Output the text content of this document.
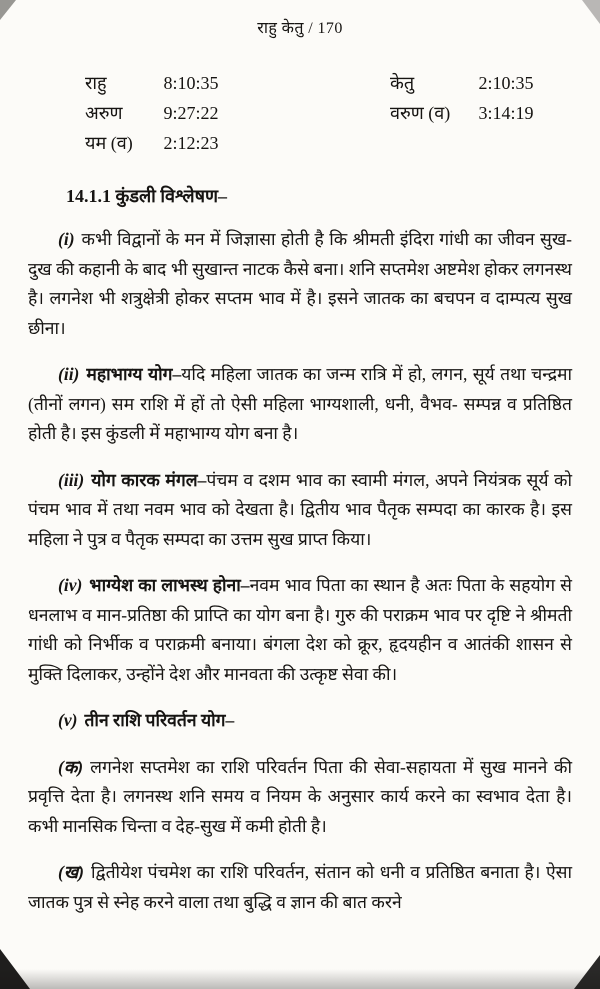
राहु केतु / 170
राहु	8:10:35
अरुण 9:27:22
यम (व) 2:12:23
केतु	2:10:35
वरुण (व) 3:14:19
14.1.1 कुंडली विश्लेषण–

(i) कभी विद्वानों के मन में जिज्ञासा होती है कि श्रीमती इंदिरा गांधी का जीवन सुख-दुख की कहानी के बाद भी सुखान्त नाटक कैसे बना। शनि सप्तमेश अष्टमेश होकर लगनस्थ है। लगनेश भी शत्रुक्षेत्री होकर सप्तम भाव में है। इसने जातक का बचपन व दाम्पत्य सुख छीना।

(ii) महाभाग्य योग–यदि महिला जातक का जन्म रात्रि में हो, लगन, सूर्य तथा चन्द्रमा (तीनों लगन) सम राशि में हों तो ऐसी महिला भाग्यशाली, धनी, वैभव- सम्पन्न व प्रतिष्ठित होती है। इस कुंडली में महाभाग्य योग बना है।

(iii) योग कारक मंगल–पंचम व दशम भाव का स्वामी मंगल, अपने नियंत्रक सूर्य को पंचम भाव में तथा नवम भाव को देखता है। द्वितीय भाव पैतृक सम्पदा का कारक है। इस महिला ने पुत्र व पैतृक सम्पदा का उत्तम सुख प्राप्त किया।

(iv) भाग्येश का लाभस्थ होना–नवम भाव पिता का स्थान है अतः पिता के सहयोग से धनलाभ व मान-प्रतिष्ठा की प्राप्ति का योग बना है। गुरु की पराक्रम भाव पर दृष्टि ने श्रीमती गांधी को निर्भीक व पराक्रमी बनाया। बंगला देश को क्रूर, हृदयहीन व आतंकी शासन से मुक्ति दिलाकर, उन्होंने देश और मानवता की उत्कृष्ट सेवा की।

(v) तीन राशि परिवर्तन योग–

(क) लगनेश सप्तमेश का राशि परिवर्तन पिता की सेवा-सहायता में सुख मानने की प्रवृत्ति देता है। लगनस्थ शनि समय व नियम के अनुसार कार्य करने का स्वभाव देता है। कभी मानसिक चिन्ता व देह-सुख में कमी होती है।

(ख) द्वितीयेश पंचमेश का राशि परिवर्तन, संतान को धनी व प्रतिष्ठित बनाता है। ऐसा जातक पुत्र से स्नेह करने वाला तथा बुद्धि व ज्ञान की बात करने
